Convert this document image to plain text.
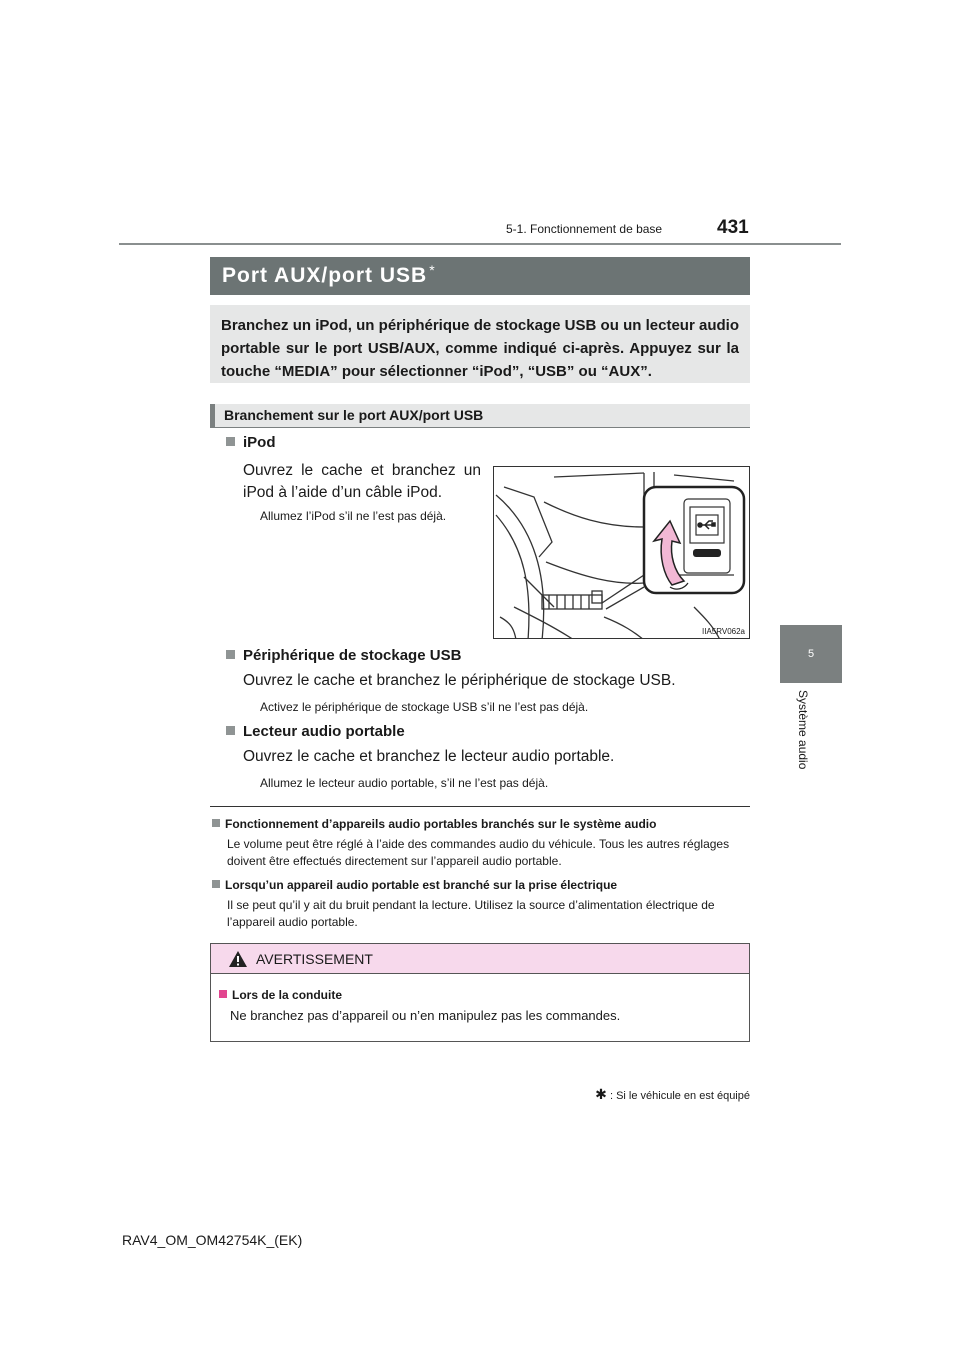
5-1. Fonctionnement de base	431
5
Système audio
Port AUX/port USB*
Branchez un iPod, un périphérique de stockage USB ou un lecteur audio portable sur le port USB/AUX, comme indiqué ci-après. Appuyez sur la touche “MEDIA” pour sélectionner “iPod”, “USB” ou “AUX”.
Branchement sur le port AUX/port USB
iPod
Ouvrez le cache et branchez un iPod à l’aide d’un câble iPod.
Allumez l’iPod s’il ne l’est pas déjà.
IIA5RV062a
Périphérique de stockage USB
Ouvrez le cache et branchez le périphérique de stockage USB.
Activez le périphérique de stockage USB s’il ne l’est pas déjà.
Lecteur audio portable
Ouvrez le cache et branchez le lecteur audio portable.
Allumez le lecteur audio portable, s’il ne l’est pas déjà.
Fonctionnement d’appareils audio portables branchés sur le système audio
Le volume peut être réglé à l’aide des commandes audio du véhicule. Tous les autres réglages doivent être effectués directement sur l’appareil audio portable.
Lorsqu’un appareil audio portable est branché sur la prise électrique
Il se peut qu’il y ait du bruit pendant la lecture. Utilisez la source d’alimentation électrique de l’appareil audio portable.
AVERTISSEMENT
Lors de la conduite
Ne branchez pas d’appareil ou n’en manipulez pas les commandes.
✱ : Si le véhicule en est équipé
RAV4_OM_OM42754K_(EK)
